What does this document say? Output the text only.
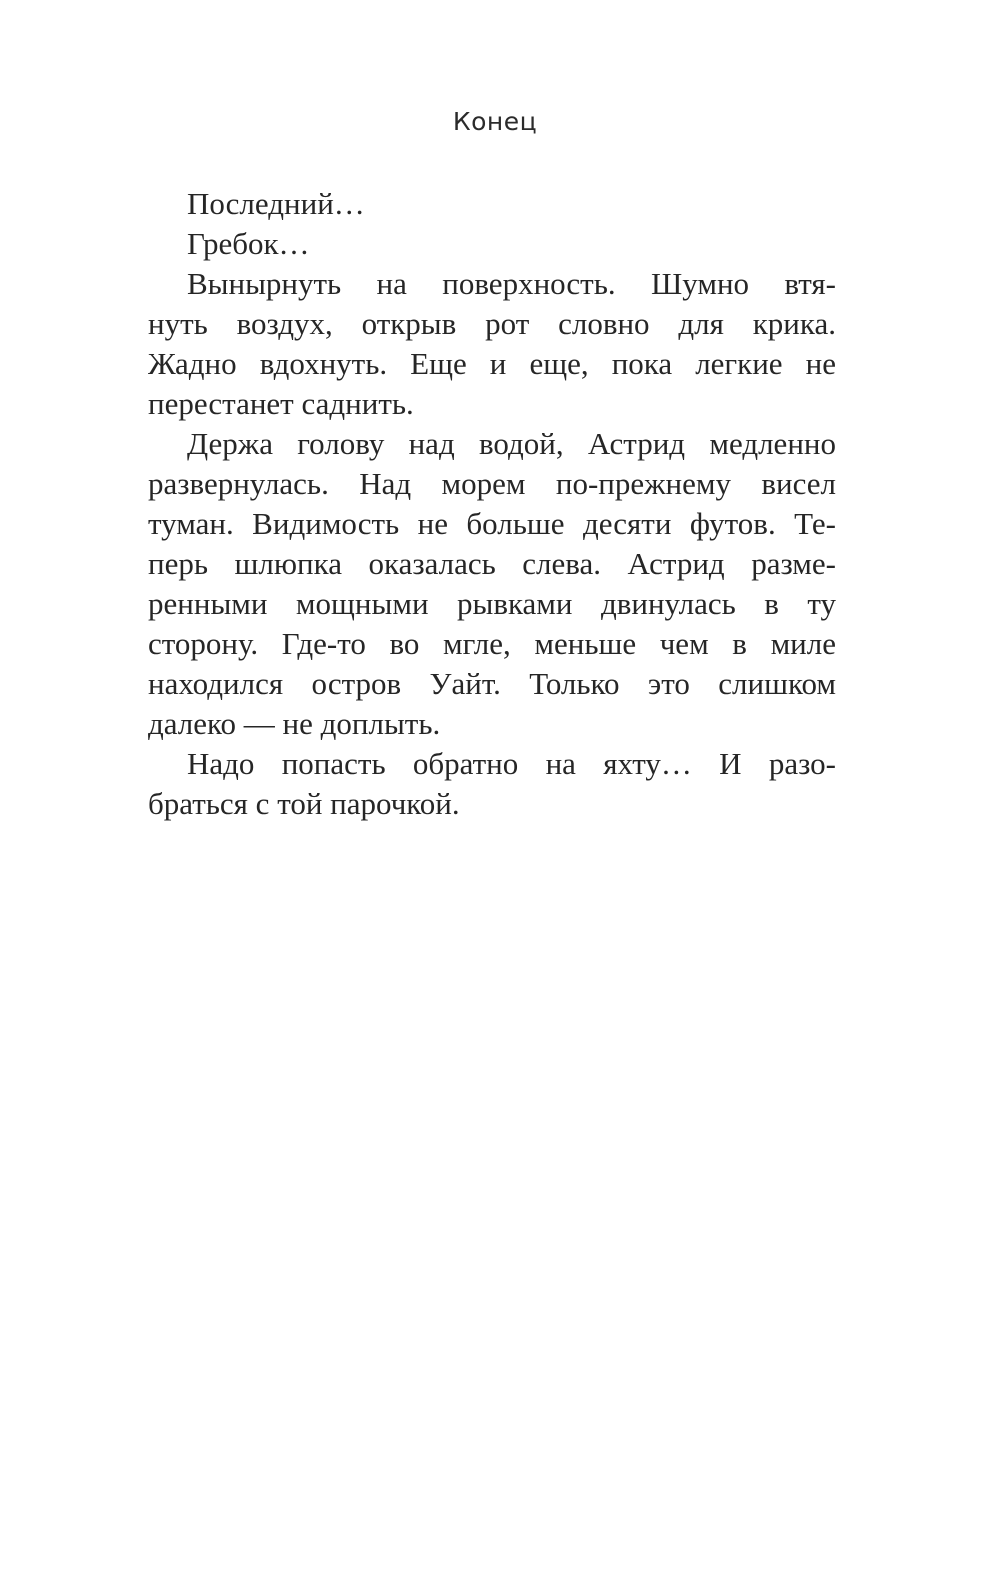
Конец
Последний…
Гребок…
Вынырнуть на поверхность. Шумно втя-
нуть воздух, открыв рот словно для крика.
Жадно вдохнуть. Еще и еще, пока легкие не
перестанет саднить.
Держа голову над водой, Астрид медленно
развернулась. Над морем по-прежнему висел
туман. Видимость не больше десяти футов. Те-
перь шлюпка оказалась слева. Астрид разме-
ренными мощными рывками двинулась в ту
сторону. Где-то во мгле, меньше чем в миле
находился остров Уайт. Только это слишком
далеко — не доплыть.
Надо попасть обратно на яхту… И разо-
браться с той парочкой.
